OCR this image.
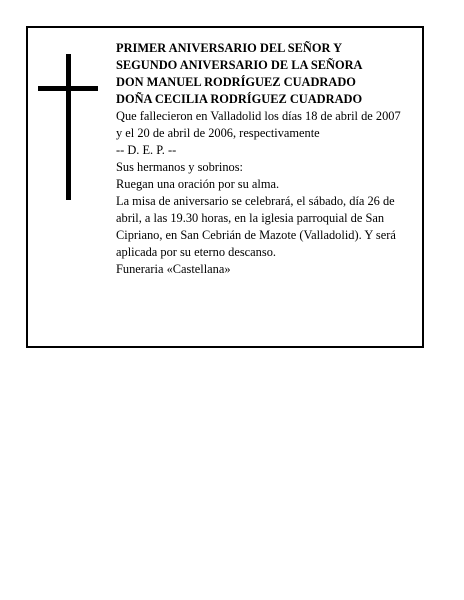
PRIMER ANIVERSARIO DEL SEÑOR Y

SEGUNDO ANIVERSARIO DE LA SEÑORA

DON MANUEL RODRÍGUEZ CUADRADO

DOÑA CECILIA RODRÍGUEZ CUADRADO

Que fallecieron en Valladolid los días 18 de abril de 2007

y el 20 de abril de 2006, respectivamente

-- D. E. P. --

Sus hermanos y sobrinos:

Ruegan una oración por su alma.

La misa de aniversario se celebrará, el sábado, día 26 de abril, a las 19.30 horas, en la iglesia parroquial de San Cipriano, en San Cebrián de Mazote (Valladolid). Y será aplicada por su eterno descanso.

Funeraria «Castellana»
